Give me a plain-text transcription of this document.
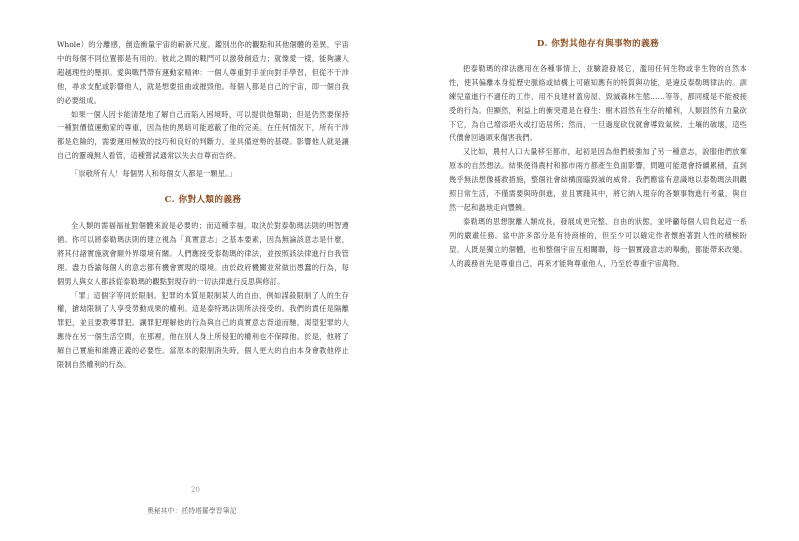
Whole）的分離感，創造衝量宇宙的嶄新尺度。鑑別出你的觀點和其他個體的差異，宇宙中的每個不同位置都是有用的。彼此之間的戰鬥可以激發創造力；就像愛一樣，能夠讓人超越理性的壓抑。愛與戰鬥帶有運動家精神：一個人尊重對手並向對手學習，但從不干涉他，尋求支配或影響他人，就是想要扭曲或摧毀他。每個人都是自己的宇宙，即一個自我的必要組成。

如果一個人因卡能清楚地了解自己而陷入困境時，可以提供他幫助；但是仍然要保持一種對價值運動家的尊重，因為他的黑暗可能遮蔽了他的完美。在任何情況下，所有干涉都是危險的，需要運用極致的技巧和良好的判斷力，並具備逆勢的基礎。影響他人就是讓自己的靈魂無人看管，這種嘗試通常以失去自尊而告終。

「崇敬所有人！每個男人和每個女人都是一顆星。」

C. 你對人類的義務

全人類的需福福祉對個體來說是必要的；而這種幸福，取決於對泰勒瑪法則的明智遵循。你可以將泰勒瑪法則的建立視為「真實意志」之基本要素，因為無論該意志是什麼，將其付諸實施就會額外界環境有關。人們應接受泰勒瑪的律法，並按照該法律進行自我管理。盡力昏諭每個人的意志都有機會實現的環境。由於政府機關並常做出愚蠢的行為，每個男人與女人都該從泰勒瑪的觀點對現存的一切法律進行反思與修訂。

「罪」這個字等同於限制。犯罪的本質是限制某人的自由，例如謀殺限制了人的生存權，搶劫限制了人享受勞動成果的權利。這是泰特瑪法則所法接受的。我們的責任是隔離罪犯，並且要教導罪犯。讓罪犯理解他的行為與自己的真實意志背道而馳，渴望犯罪的人應待在另一個生活空間，在那裡，他在別人身上所侵犯的權利也不保障他。於是，他將了解自己實施和維護正義的必要性。當原本的限制消失時，個人更大的自由本身會教他停止限制自然權利的行為。

D. 你對其他存有與事物的義務

把泰勒瑪的律法應用在各種事情上，並驗證發展它，濫用任何生物或非生物的自然本性，使其偏離本身從歷史脈絡或結構上可確知應有的特質與功能，是違反泰勒瑪律法的。訓練兒童進行不適任的工作、用不良建材蓋房屋、毀滅森林生態……等等，都同樣是不能被接受的行為。但顯然，利益上的衝突還是在發生：樹木固然有生存的權利，人類固然有力量砍下它，為自己增添堪火或打造居所；然而，一旦過度砍伐就會導致氣候、土壤的破壞，這些代價會回過頭來傷害我們。

又比如，農村人口大量移至都市，起初是因為他們被強加了另一種意志，說服他們放棄原本的自然想法。結果使得農村和都市兩方都產生負面影響，問題可能還會持續累積，直到幾乎無法想像補救措施，整個社會結構面臨毀滅的威脅。我們應當有意識地以泰勒瑪法則觀照日常生活，不僅需要與時俱進，並且實踐其中，將它納入現存的各類事物進行考量，與自然一起和諧地走向豐饒。

泰勒瑪的思想脫離人類成長，發展成更完整、自由的狀態，並呼籲每個人肩負起這一系列的嚴肅任務。當中許多部分是有待商榷的，但至少可以確定作者懷抱著對人性的積極盼望。人既是獨立的個體，也和整個宇宙互相關聯，每一個實踐意志的舉動，都能帶來改變。人的義務首先是尊重自己，再來才能夠尊重他人，乃至於尊重宇宙萬物。

20
奧秘其中：托特塔羅學習筆記
